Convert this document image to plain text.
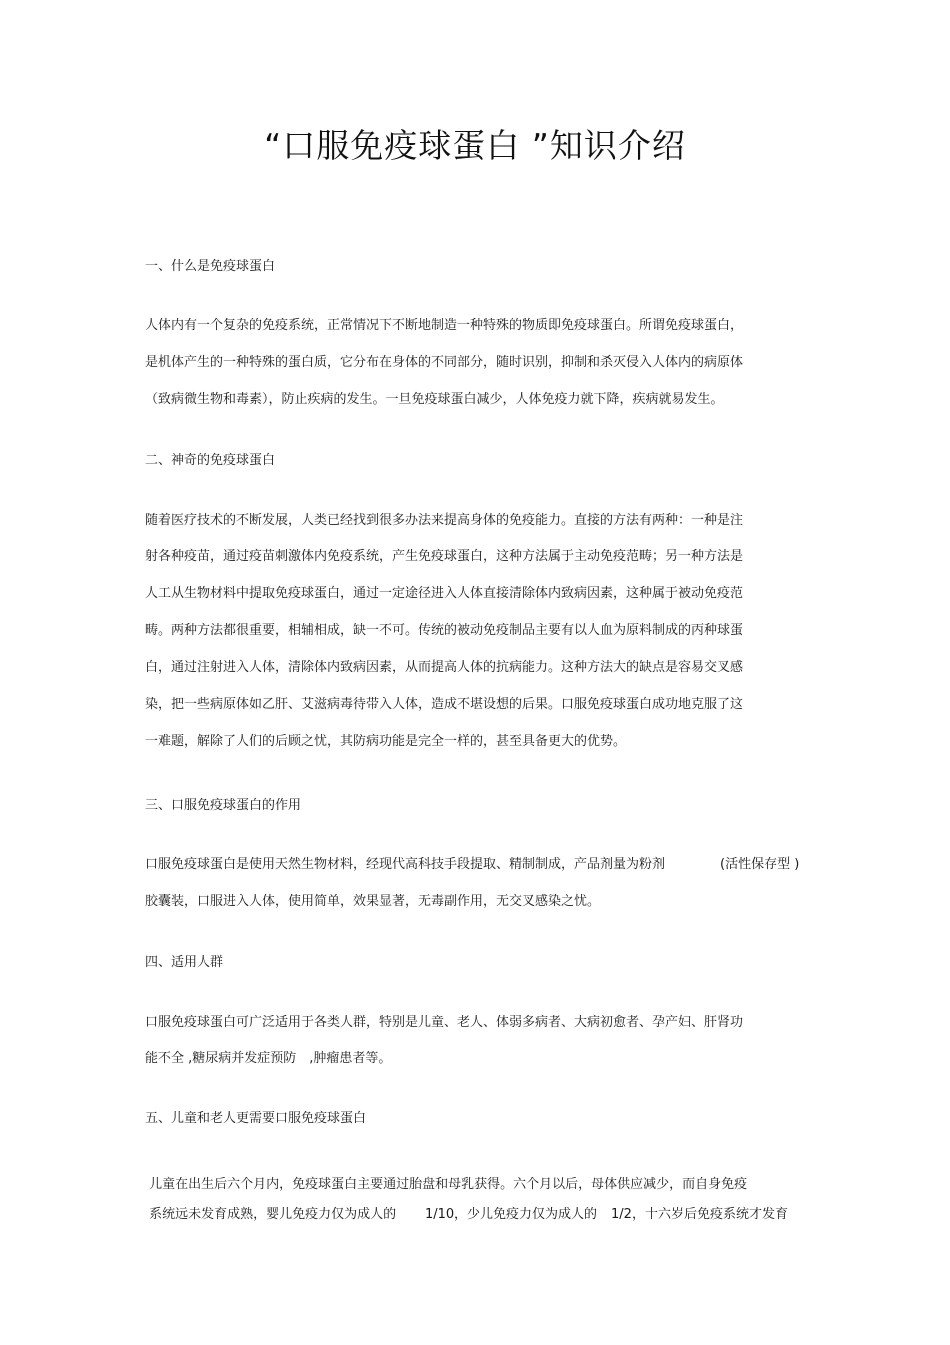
“口服免疫球蛋白 ”知识介绍
一、什么是免疫球蛋白
人体内有一个复杂的免疫系统，正常情况下不断地制造一种特殊的物质即免疫球蛋白。所谓免疫球蛋白，
是机体产生的一种特殊的蛋白质，它分布在身体的不同部分，随时识别，抑制和杀灭侵入人体内的病原体
（致病微生物和毒素），防止疾病的发生。一旦免疫球蛋白减少，人体免疫力就下降，疾病就易发生。
二、神奇的免疫球蛋白
随着医疗技术的不断发展，人类已经找到很多办法来提高身体的免疫能力。直接的方法有两种：一种是注
射各种疫苗，通过疫苗刺激体内免疫系统，产生免疫球蛋白，这种方法属于主动免疫范畴；另一种方法是
人工从生物材料中提取免疫球蛋白，通过一定途径进入人体直接清除体内致病因素，这种属于被动免疫范
畴。两种方法都很重要，相辅相成，缺一不可。传统的被动免疫制品主要有以人血为原料制成的丙种球蛋
白，通过注射进入人体，清除体内致病因素，从而提高人体的抗病能力。这种方法大的缺点是容易交叉感
染，把一些病原体如乙肝、艾滋病毒待带入人体，造成不堪设想的后果。口服免疫球蛋白成功地克服了这
一难题，解除了人们的后顾之忧，其防病功能是完全一样的，甚至具备更大的优势。
三、口服免疫球蛋白的作用
口服免疫球蛋白是使用天然生物材料，经现代高科技手段提取、精制制成，产品剂量为粉剂	(活性保存型 )
胶囊装，口服进入人体，使用简单，效果显著，无毒副作用，无交叉感染之忧。
四、适用人群
口服免疫球蛋白可广泛适用于各类人群，特别是儿童、老人、体弱多病者、大病初愈者、孕产妇、肝肾功
能不全 ,糖尿病并发症预防　,肿瘤患者等。
五、儿童和老人更需要口服免疫球蛋白
儿童在出生后六个月内，免疫球蛋白主要通过胎盘和母乳获得。六个月以后，母体供应减少，而自身免疫
系统远未发育成熟，婴儿免疫力仅为成人的 1/10 ，少儿免疫力仅为成人的 1/2 ，十六岁后免疫系统才发育
